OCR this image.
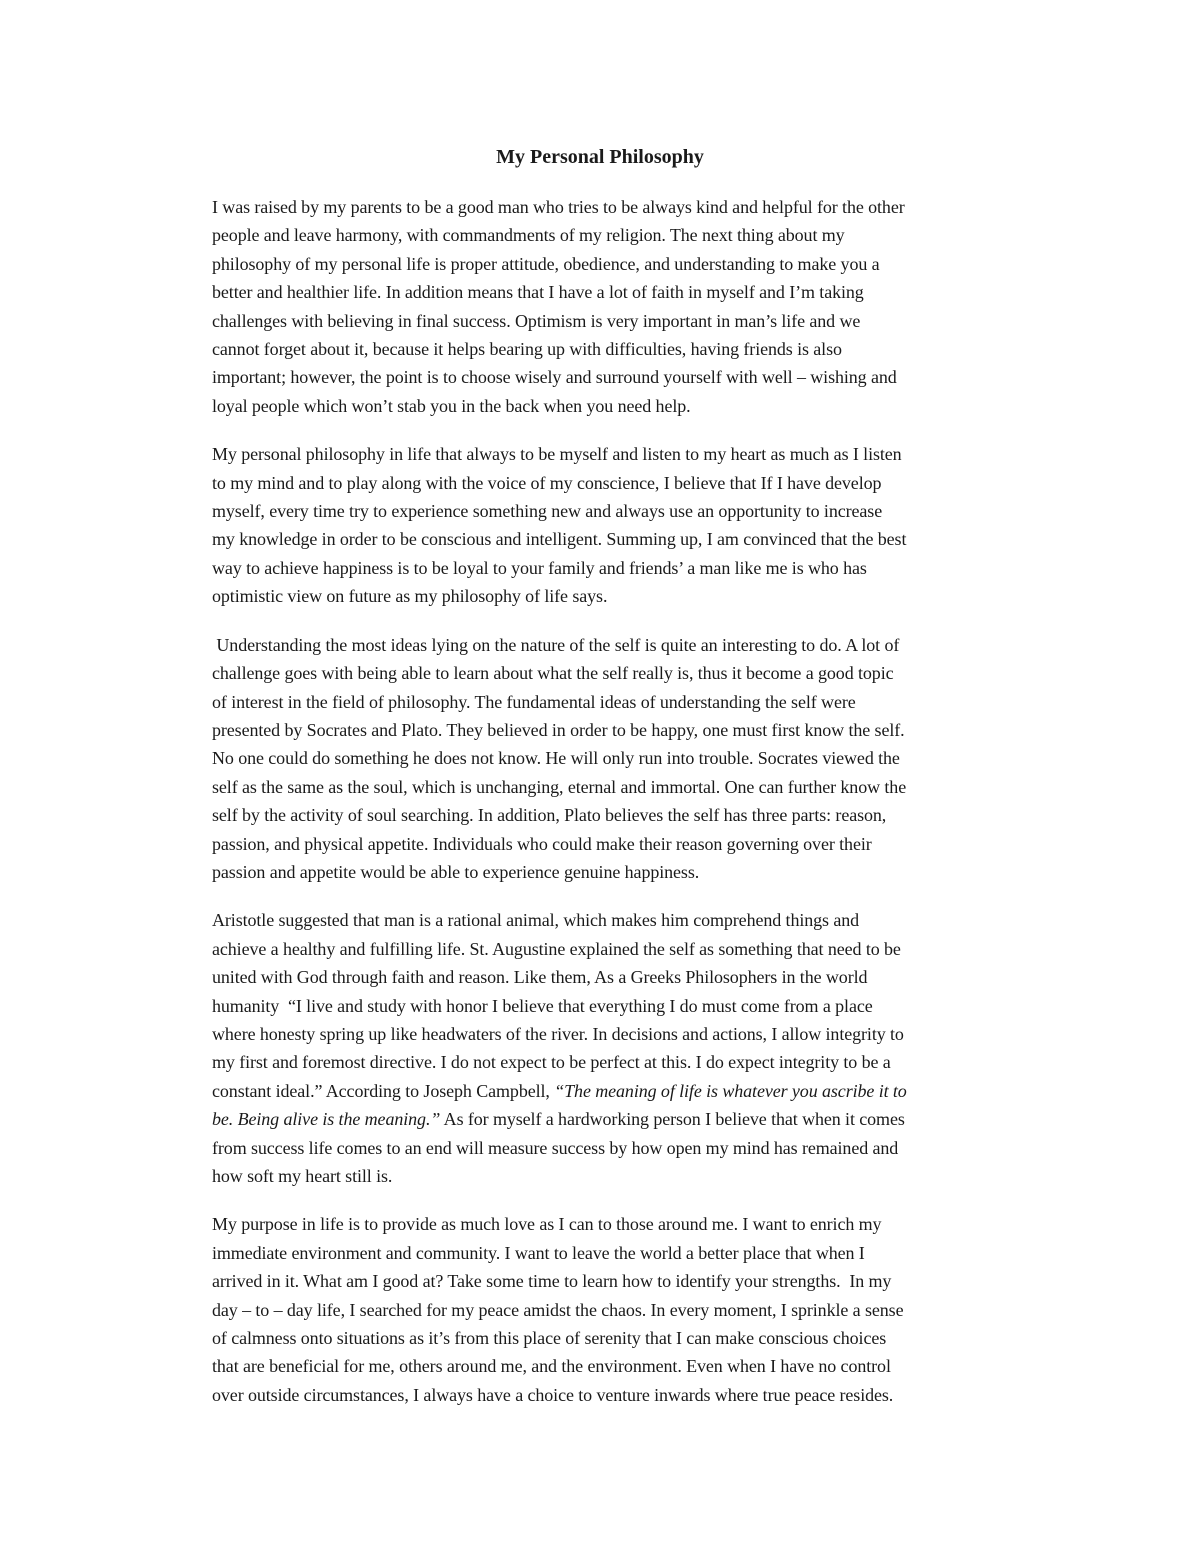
My Personal Philosophy

I was raised by my parents to be a good man who tries to be always kind and helpful for the other
people and leave harmony, with commandments of my religion. The next thing about my
philosophy of my personal life is proper attitude, obedience, and understanding to make you a
better and healthier life. In addition means that I have a lot of faith in myself and I’m taking
challenges with believing in final success. Optimism is very important in man’s life and we
cannot forget about it, because it helps bearing up with difficulties, having friends is also
important; however, the point is to choose wisely and surround yourself with well – wishing and
loyal people which won’t stab you in the back when you need help.

My personal philosophy in life that always to be myself and listen to my heart as much as I listen
to my mind and to play along with the voice of my conscience, I believe that If I have develop
myself, every time try to experience something new and always use an opportunity to increase
my knowledge in order to be conscious and intelligent. Summing up, I am convinced that the best
way to achieve happiness is to be loyal to your family and friends’ a man like me is who has
optimistic view on future as my philosophy of life says.

Understanding the most ideas lying on the nature of the self is quite an interesting to do. A lot of
challenge goes with being able to learn about what the self really is, thus it become a good topic
of interest in the field of philosophy. The fundamental ideas of understanding the self were
presented by Socrates and Plato. They believed in order to be happy, one must first know the self.
No one could do something he does not know. He will only run into trouble. Socrates viewed the
self as the same as the soul, which is unchanging, eternal and immortal. One can further know the
self by the activity of soul searching. In addition, Plato believes the self has three parts: reason,
passion, and physical appetite. Individuals who could make their reason governing over their
passion and appetite would be able to experience genuine happiness.

Aristotle suggested that man is a rational animal, which makes him comprehend things and
achieve a healthy and fulfilling life. St. Augustine explained the self as something that need to be
united with God through faith and reason. Like them, As a Greeks Philosophers in the world
humanity  “I live and study with honor I believe that everything I do must come from a place
where honesty spring up like headwaters of the river. In decisions and actions, I allow integrity to
my first and foremost directive. I do not expect to be perfect at this. I do expect integrity to be a
constant ideal.” According to Joseph Campbell, “The meaning of life is whatever you ascribe it to
be. Being alive is the meaning.” As for myself a hardworking person I believe that when it comes
from success life comes to an end will measure success by how open my mind has remained and
how soft my heart still is.

My purpose in life is to provide as much love as I can to those around me. I want to enrich my
immediate environment and community. I want to leave the world a better place that when I
arrived in it. What am I good at? Take some time to learn how to identify your strengths.  In my
day – to – day life, I searched for my peace amidst the chaos. In every moment, I sprinkle a sense
of calmness onto situations as it’s from this place of serenity that I can make conscious choices
that are beneficial for me, others around me, and the environment. Even when I have no control
over outside circumstances, I always have a choice to venture inwards where true peace resides.
